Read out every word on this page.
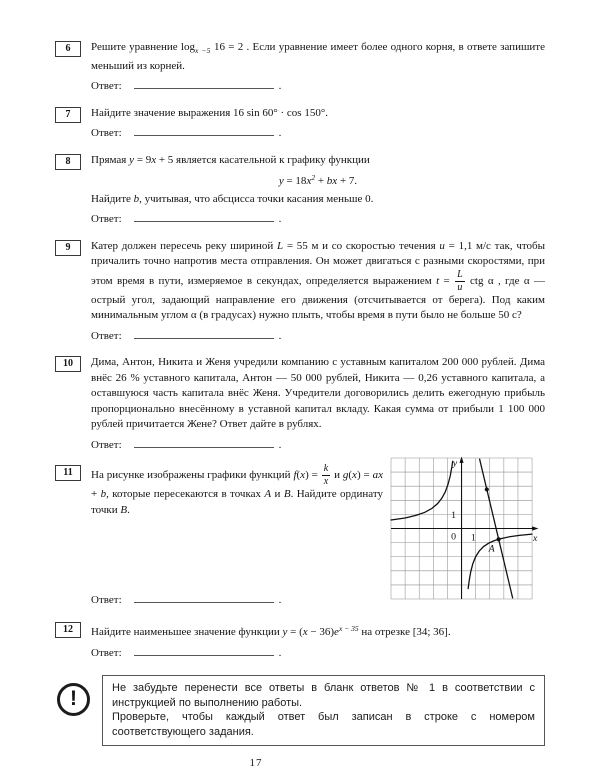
6	Решите уравнение $\log_{x -5} 16 = 2$ . Если уравнение имеет более одного корня, в ответе запишите меньший из корней.

Ответ:	.

7	Найдите значение выражения 16 sin 60° · cos 150°.

Ответ:	.

8	Прямая y = 9x + 5 является касательной к графику функции

$y = 18x^2$ + bx + 7.

Найдите b, учитывая, что абсцисса точки касания меньше 0.

Ответ:	.

9	Катер должен пересечь реку шириной L = 55 м и со скоростью течения u = 1,1 м/с так, чтобы причалить точно напротив места отправления. Он может двигаться с разными скоростями, при этом время в пути, измеряемое в секундах, определяется выражением $t = \frac{L}{u}$ ctg α , где α — острый угол, задающий направление его движения (отсчитывается от берега). Под каким минимальным углом α (в градусах) нужно плыть, чтобы время в пути было не больше 50 с?

Ответ:	.

10	Дима, Антон, Никита и Женя учредили компанию с уставным капиталом 200 000 рублей. Дима внёс 26 % уставного капитала, Антон — 50 000 рублей, Никита — 0,26 уставного капитала, а оставшуюся часть капитала внёс Женя. Учредители договорились делить ежегодную прибыль пропорционально внесённому в уставной капитал вкладу. Какая сумма от прибыли 1 100 000 рублей причитается Жене? Ответ дайте в рублях.

Ответ:	.

11	На рисунке изображены графики функций $f(x) = \frac{k}{x}$ и g(x) = ax + b, которые пересекаются в точках A и B. Найдите ординату точки B.

Ответ:	.

y
x
0
1
1
A
12	Найдите наименьшее значение функции $y = (x - 36)e^{x - 35}$ на отрезке [34; 36].

Ответ:	.

!	Не забудьте перенести все ответы в бланк ответов № 1 в соответствии с инструкцией по выполнению работы.

Проверьте, чтобы каждый ответ был записан в строке с номером соответствующего задания.

17
